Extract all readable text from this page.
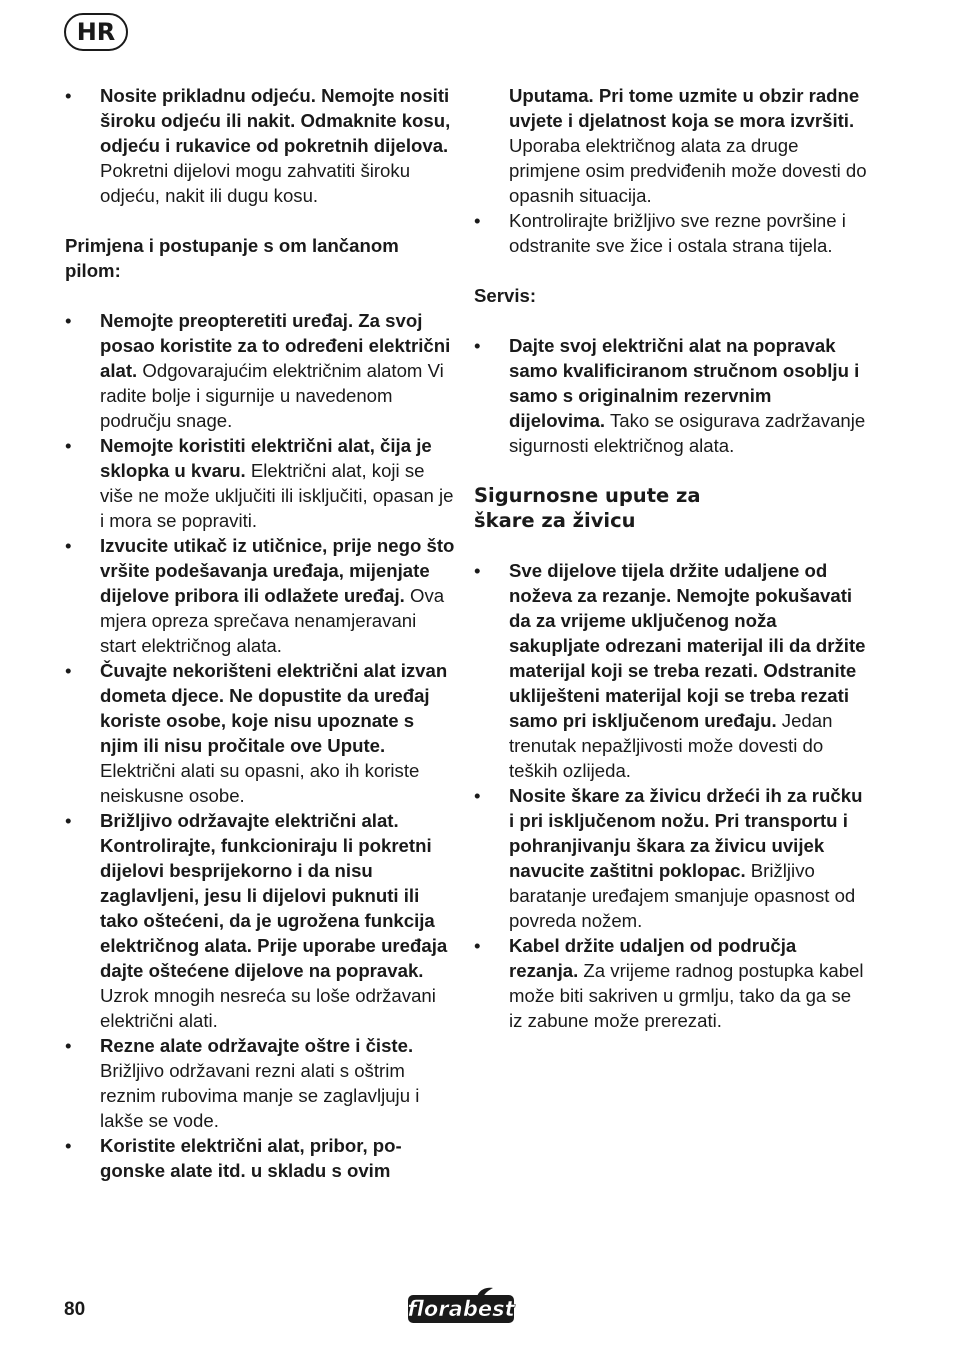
HR
• Nosite prikladnu odjeću. Nemojte nositi široku odjeću ili nakit. Odmaknite kosu, odjeću i rukavice od pokretnih dijelova. Pokretni dijelovi mogu zahvatiti široku odjeću, nakit ili dugu kosu.
Primjena i postupanje s om lančanom pilom:
• Nemojte preopteretiti uređaj. Za svoj posao koristite za to određeni električni alat. Odgovarajućim električnim alatom Vi radite bolje i sigurnije u navedenom području snage.
• Nemojte koristiti električni alat, čija je sklopka u kvaru. Električni alat, koji se više ne može uključiti ili isključiti, opasan je i mora se popraviti.
• Izvucite utikač iz utičnice, prije nego što vršite podešavanja uređaja, mijenjate dijelove pribora ili odlažete uređaj. Ova mjera opreza sprečava nenamjeravani start električnog alata.
• Čuvajte nekorišteni električni alat izvan dometa djece. Ne dopustite da uređaj koriste osobe, koje nisu upoznate s njim ili nisu pročitale ove Upute. Električni alati su opasni, ako ih koriste neiskusne osobe.
• Brižljivo održavajte električni alat. Kontrolirajte, funkcioniraju li pokretni dijelovi besprijekorno i da nisu zaglavljeni, jesu li dijelovi puknuti ili tako oštećeni, da je ugrožena funkcija električnog alata. Prije uporabe uređaja dajte oštećene dijelove na popravak. Uzrok mnogih nesreća su loše održavani električni alati.
• Rezne alate održavajte oštre i čiste. Brižljivo održavani rezni alati s oštrim reznim rubovima manje se zaglavljuju i lakše se vode.
• Koristite električni alat, pribor, pogonske alate itd. u skladu s ovim
Uputama. Pri tome uzmite u obzir radne uvjete i djelatnost koja se mora izvršiti. Uporaba električnog alata za druge primjene osim predviđenih može dovesti do opasnih situacija.
• Kontrolirajte brižljivo sve rezne površine i odstranite sve žice i ostala strana tijela.
Servis:
• Dajte svoj električni alat na popravak samo kvalificiranom stručnom osoblju i samo s originalnim rezervnim dijelovima. Tako se osigurava zadržavanje sigurnosti električnog alata.
Sigurnosne upute za
škare za živicu
• Sve dijelove tijela držite udaljene od noževa za rezanje. Nemojte pokušavati da za vrijeme uključenog noža sakupljate odrezani materijal ili da držite materijal koji se treba rezati. Odstranite ukliješteni materijal koji se treba rezati samo pri isključenom uređaju. Jedan trenutak nepažljivosti može dovesti do teških ozlijeda.
• Nosite škare za živicu držeći ih za ručku i pri isključenom nožu. Pri transportu i pohranjivanju škara za živicu uvijek navucite zaštitni poklopac. Brižljivo baratanje uređajem smanjuje opasnost od povreda nožem.
• Kabel držite udaljen od područja rezanja. Za vrijeme radnog postupka kabel može biti sakriven u grmlju, tako da ga se iz zabune može prerezati.
80	florabest
